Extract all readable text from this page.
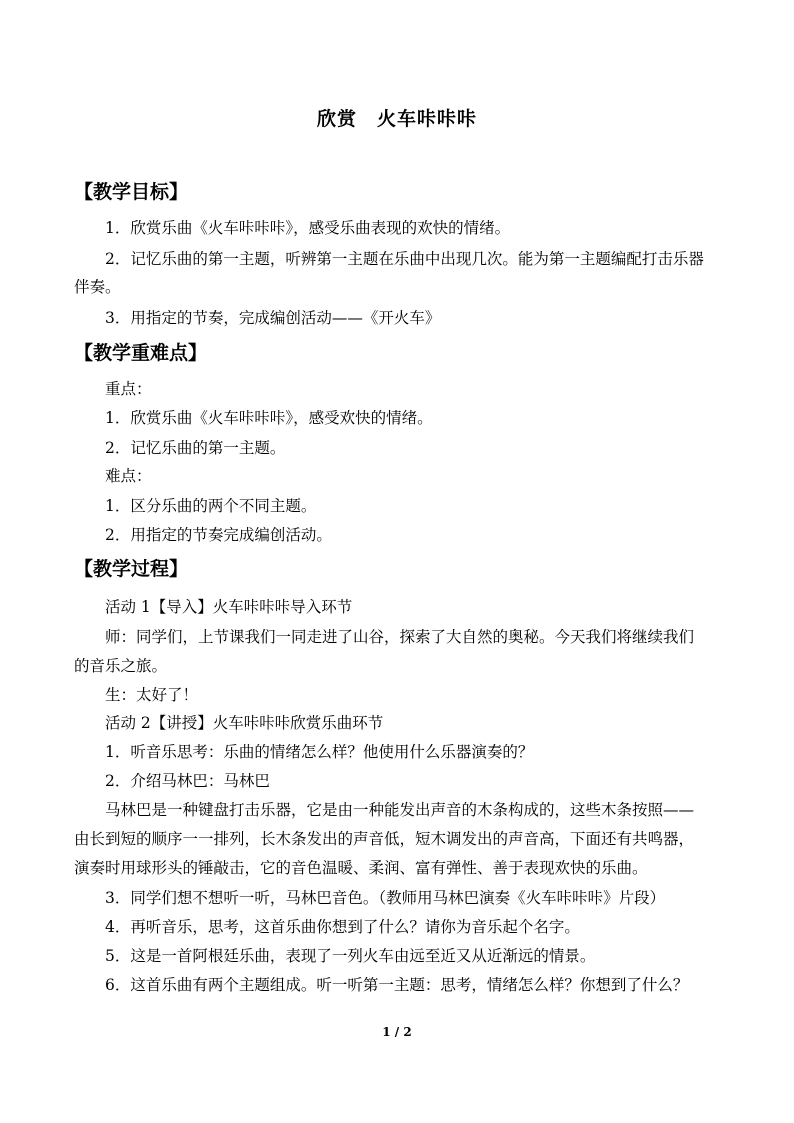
欣赏　火车咔咔咔
【教学目标】
1．欣赏乐曲《火车咔咔咔》，感受乐曲表现的欢快的情绪。
2．记忆乐曲的第一主题，听辨第一主题在乐曲中出现几次。能为第一主题编配打击乐器
伴奏。
3．用指定的节奏，完成编创活动——《开火车》
【教学重难点】
重点：
1．欣赏乐曲《火车咔咔咔》，感受欢快的情绪。
2．记忆乐曲的第一主题。
难点：
1．区分乐曲的两个不同主题。
2．用指定的节奏完成编创活动。
【教学过程】
活动 1【导入】火车咔咔咔导入环节
师：同学们，上节课我们一同走进了山谷，探索了大自然的奥秘。今天我们将继续我们
的音乐之旅。
生：太好了！
活动 2【讲授】火车咔咔咔欣赏乐曲环节
1．听音乐思考：乐曲的情绪怎么样？他使用什么乐器演奏的？
2．介绍马林巴：马林巴
马林巴是一种键盘打击乐器，它是由一种能发出声音的木条构成的，这些木条按照——
由长到短的顺序一一排列，长木条发出的声音低，短木调发出的声音高，下面还有共鸣器，
演奏时用球形头的锤敲击，它的音色温暖、柔润、富有弹性、善于表现欢快的乐曲。
3．同学们想不想听一听，马林巴音色。（教师用马林巴演奏《火车咔咔咔》片段）
4．再听音乐，思考，这首乐曲你想到了什么？请你为音乐起个名字。
5．这是一首阿根廷乐曲，表现了一列火车由远至近又从近渐远的情景。
6．这首乐曲有两个主题组成。听一听第一主题：思考，情绪怎么样？你想到了什么？
1 / 2
